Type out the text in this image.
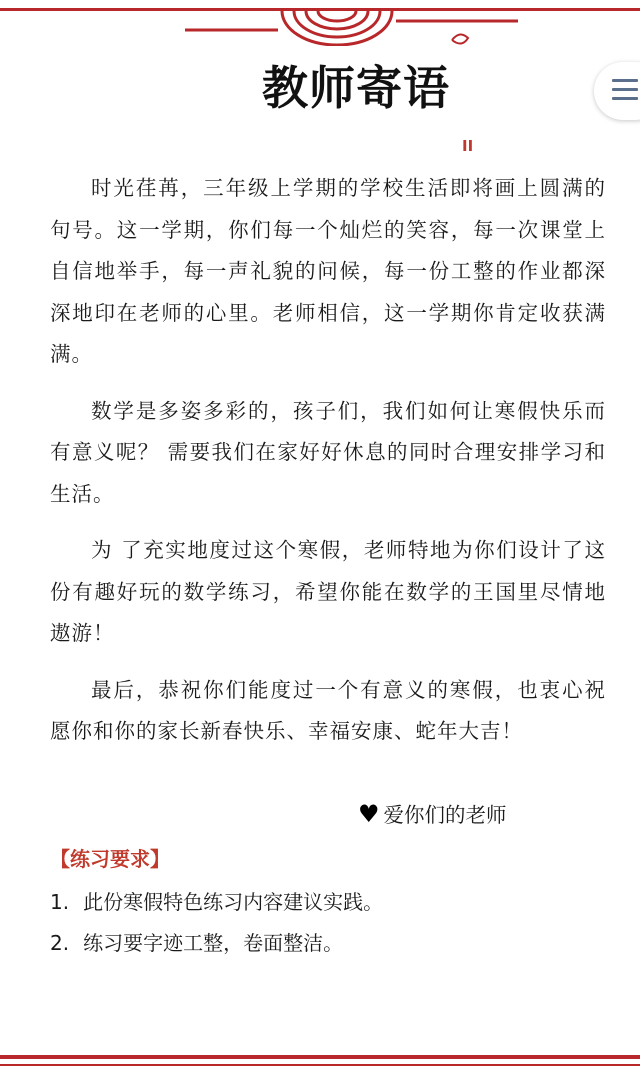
教师寄语
II

时光荏苒，三年级上学期的学校生活即将画上圆满的句号。这一学期，你们每一个灿烂的笑容，每一次课堂上自信地举手，每一声礼貌的问候，每一份工整的作业都深深地印在老师的心里。老师相信，这一学期你肯定收获满满。

数学是多姿多彩的，孩子们，我们如何让寒假快乐而有意义呢？ 需要我们在家好好休息的同时合理安排学习和生活。

为 了充实地度过这个寒假，老师特地为你们设计了这份有趣好玩的数学练习，希望你能在数学的王国里尽情地遨游！

最后，恭祝你们能度过一个有意义的寒假，也衷心祝愿你和你的家长新春快乐、幸福安康、蛇年大吉！

♥ 爱你们的老师
【练习要求】
1. 此份寒假特色练习内容建议实践。
2. 练习要字迹工整，卷面整洁。
